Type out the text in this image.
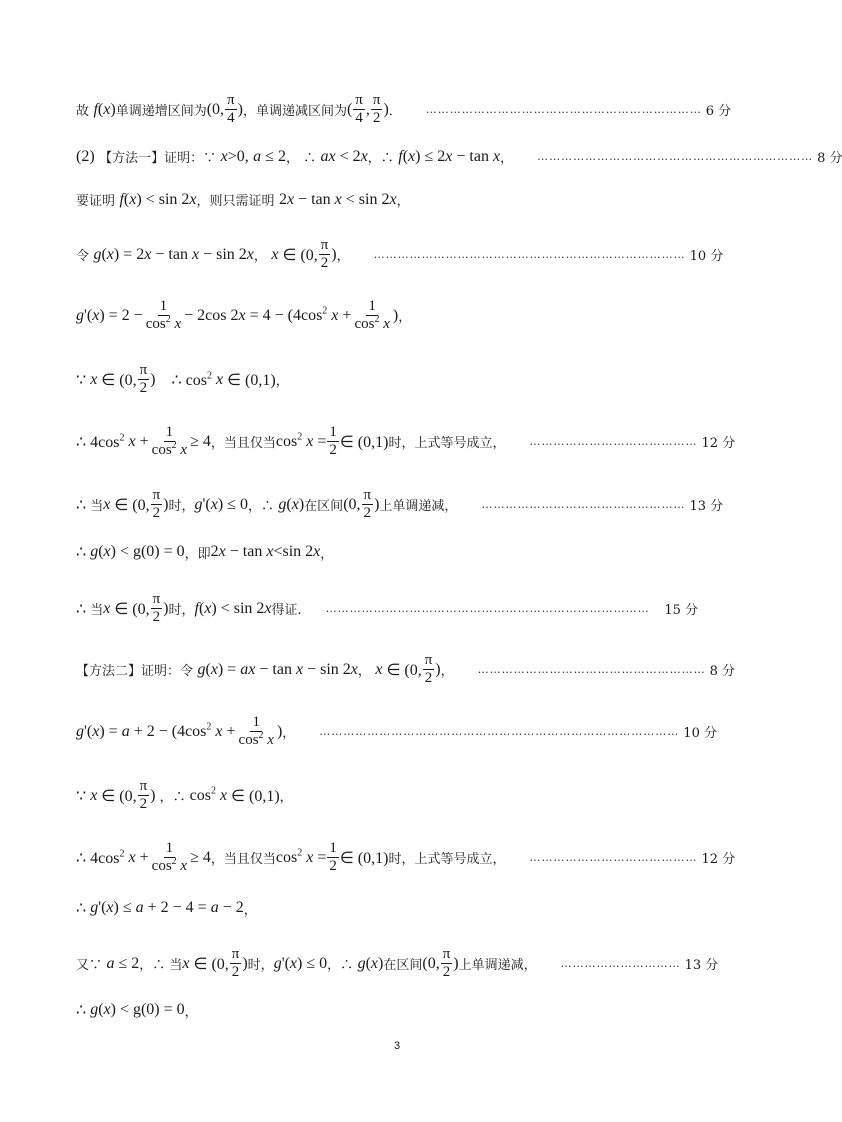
故
f ( x ) 单调递增区间为 (0, $\frac{\pi}{4}$ ) ，单调递减区间为 ( $\frac{\pi}{4}$ , $\frac{\pi}{2}$ ) ． …………………………………………………………… 6 分
(2)
【方法一】证明：∵
x >0,
a ≤ 2 ， ∴
ax < 2 x ，∴
f ( x ) ≤ 2 x − tan x ， …………………………………………………………… 8 分
要证明
f ( x ) < sin 2 x ，则只需证明
2 x − tan x < sin 2 x ，
令
g ( x ) = 2 x − tan x − sin 2 x ，
x ∈ (0, $\frac{\pi}{2}$ ) ， …………………………………………………………………… 10 分
g '( x ) = $2 - \frac{1}{\cos^2 x} - 2\cos$ 2 $x = 4 - (4\cos^2$ $x + \frac{1}{\cos^2 x}$ ) ，
∵ x ∈ (0, $\frac{\pi}{2}$ ) ∴ $\cos^2 x$ ∈ (0,1) ，
∴ $4\cos^2$ $x + \frac{1}{\cos^2 x} \ge 4$ ，当且仅当 $\cos^2 x = \frac{1}{2}$ ∈ (0,1) 时，上式等号成立， …………………………………… 12 分
∴ 当 x ∈ (0, $\frac{\pi}{2}$ ) 时， g '( x ) ≤ 0 ，∴
g ( x ) 在区间 (0, $\frac{\pi}{2}$ ) 上单调递减， …………………………………………… 13 分
∴ g ( x ) < g(0) = 0 ，即 2 x − tan x <sin 2 x ，
∴ 当 x ∈ (0, $\frac{\pi}{2}$ ) 时， f ( x ) < sin 2 x 得证. ………………………………………………………………………	15 分
【方法二】证明：令
g ( x ) = ax − tan x − sin 2 x ，
x ∈ (0, $\frac{\pi}{2}$ ) ， ………………………………………………… 8 分
g '( x ) = $a + 2 - (4\cos^2$ $x + \frac{1}{\cos^2 x}$ ) ， ……………………………………………………………………………… 10 分
∵ x ∈ (0, $\frac{\pi}{2}$ ) ，∴ $\cos^2 x$ ∈ (0,1) ，
∴ $4\cos^2$ $x + \frac{1}{\cos^2 x} \ge 4$ ，当且仅当 $\cos^2 x = \frac{1}{2}$ ∈ (0,1) 时，上式等号成立， …………………………………… 12 分
∴ g '( x ) ≤ a + 2 − 4 = a − 2 ，
又∵
a ≤ 2 ，∴ 当 x ∈ (0, $\frac{\pi}{2}$ ) 时， g '( x ) ≤ 0 ，∴
g ( x ) 在区间 (0, $\frac{\pi}{2}$ ) 上单调递减， ………………………… 13 分
∴ g ( x ) < g(0) = 0 ，
3
